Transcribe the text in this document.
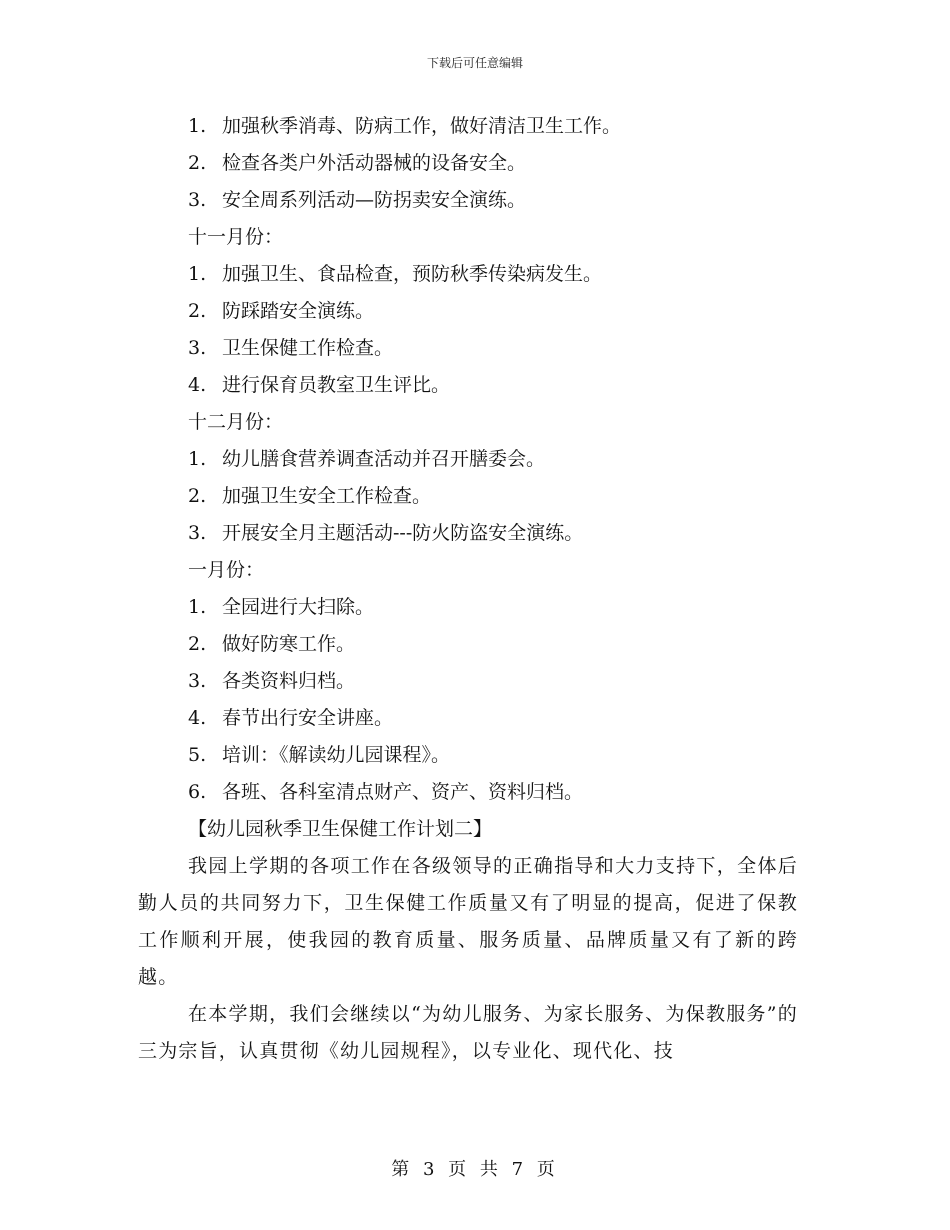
下载后可任意编辑
1. 加强秋季消毒、防病工作，做好清洁卫生工作。
2. 检查各类户外活动器械的设备安全。
3. 安全周系列活动—防拐卖安全演练。
十一月份：
1. 加强卫生、食品检查，预防秋季传染病发生。
2. 防踩踏安全演练。
3. 卫生保健工作检查。
4. 进行保育员教室卫生评比。
十二月份：
1. 幼儿膳食营养调查活动并召开膳委会。
2. 加强卫生安全工作检查。
3. 开展安全月主题活动---防火防盗安全演练。
一月份：
1. 全园进行大扫除。
2. 做好防寒工作。
3. 各类资料归档。
4. 春节出行安全讲座。
5. 培训：《解读幼儿园课程》。
6. 各班、各科室清点财产、资产、资料归档。
【幼儿园秋季卫生保健工作计划二】

我园上学期的各项工作在各级领导的正确指导和大力支持下，全体后勤人员的共同努力下，卫生保健工作质量又有了明显的提高，促进了保教工作顺利开展，使我园的教育质量、服务质量、品牌质量又有了新的跨越。

在本学期，我们会继续以“为幼儿服务、为家长服务、为保教服务”的三为宗旨，认真贯彻《幼儿园规程》，以专业化、现代化、技

第 3 页 共 7 页
